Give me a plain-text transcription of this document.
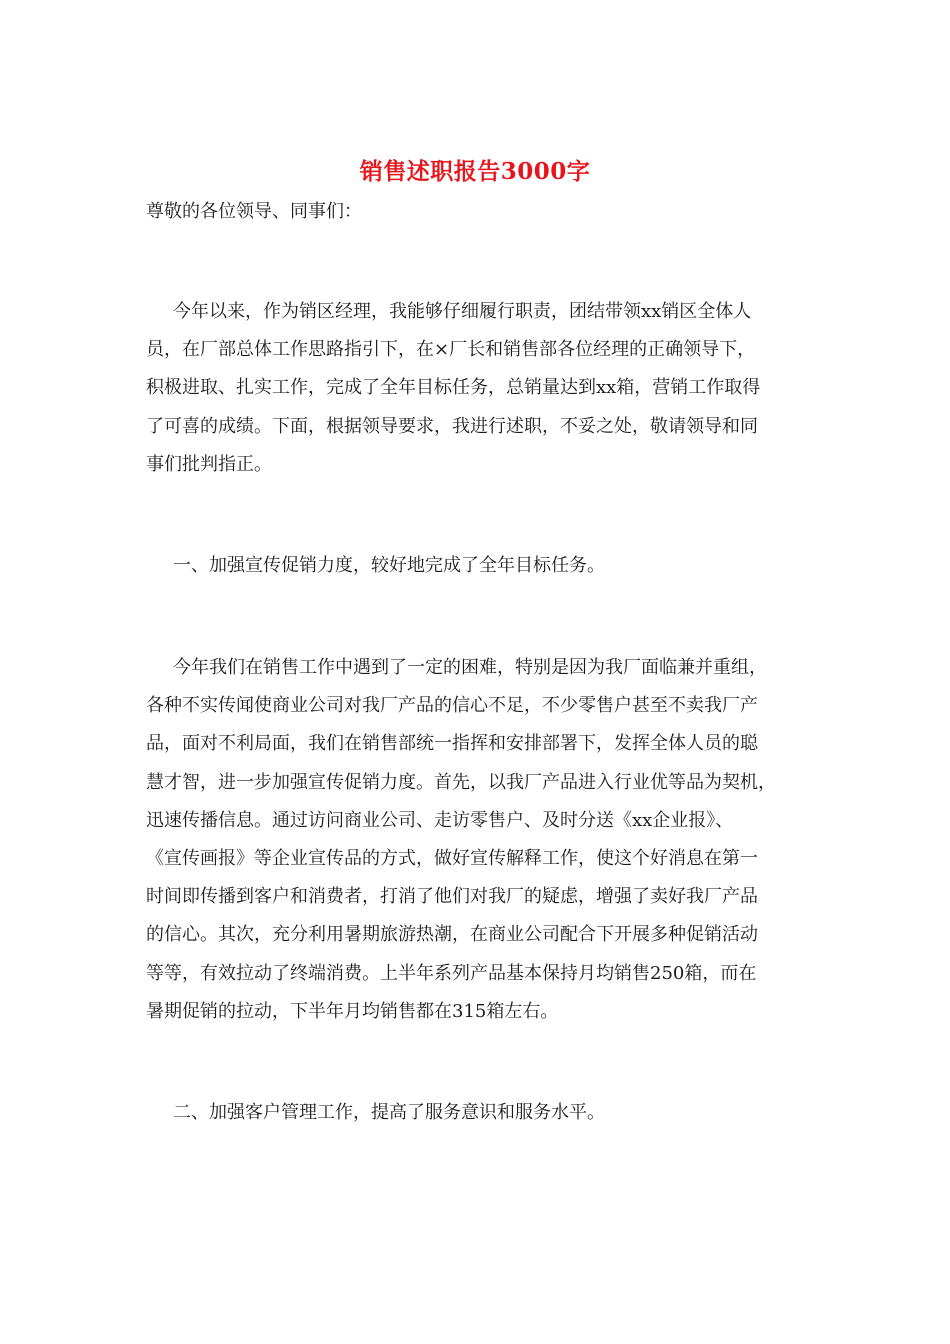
销售述职报告3000字
尊敬的各位领导、同事们：
今年以来，作为销区经理，我能够仔细履行职责，团结带领xx销区全体人
员，在厂部总体工作思路指引下，在×厂长和销售部各位经理的正确领导下，
积极进取、扎实工作，完成了全年目标任务，总销量达到xx箱，营销工作取得
了可喜的成绩。下面，根据领导要求，我进行述职，不妥之处，敬请领导和同
事们批判指正。
一、加强宣传促销力度，较好地完成了全年目标任务。
今年我们在销售工作中遇到了一定的困难，特别是因为我厂面临兼并重组，
各种不实传闻使商业公司对我厂产品的信心不足，不少零售户甚至不卖我厂产
品，面对不利局面，我们在销售部统一指挥和安排部署下，发挥全体人员的聪
慧才智，进一步加强宣传促销力度。首先，以我厂产品进入行业优等品为契机，
迅速传播信息。通过访问商业公司、走访零售户、及时分送《xx企业报》、
《宣传画报》等企业宣传品的方式，做好宣传解释工作，使这个好消息在第一
时间即传播到客户和消费者，打消了他们对我厂的疑虑，增强了卖好我厂产品
的信心。其次，充分利用暑期旅游热潮，在商业公司配合下开展多种促销活动
等等，有效拉动了终端消费。上半年系列产品基本保持月均销售250箱，而在
暑期促销的拉动，下半年月均销售都在315箱左右。
二、加强客户管理工作，提高了服务意识和服务水平。
